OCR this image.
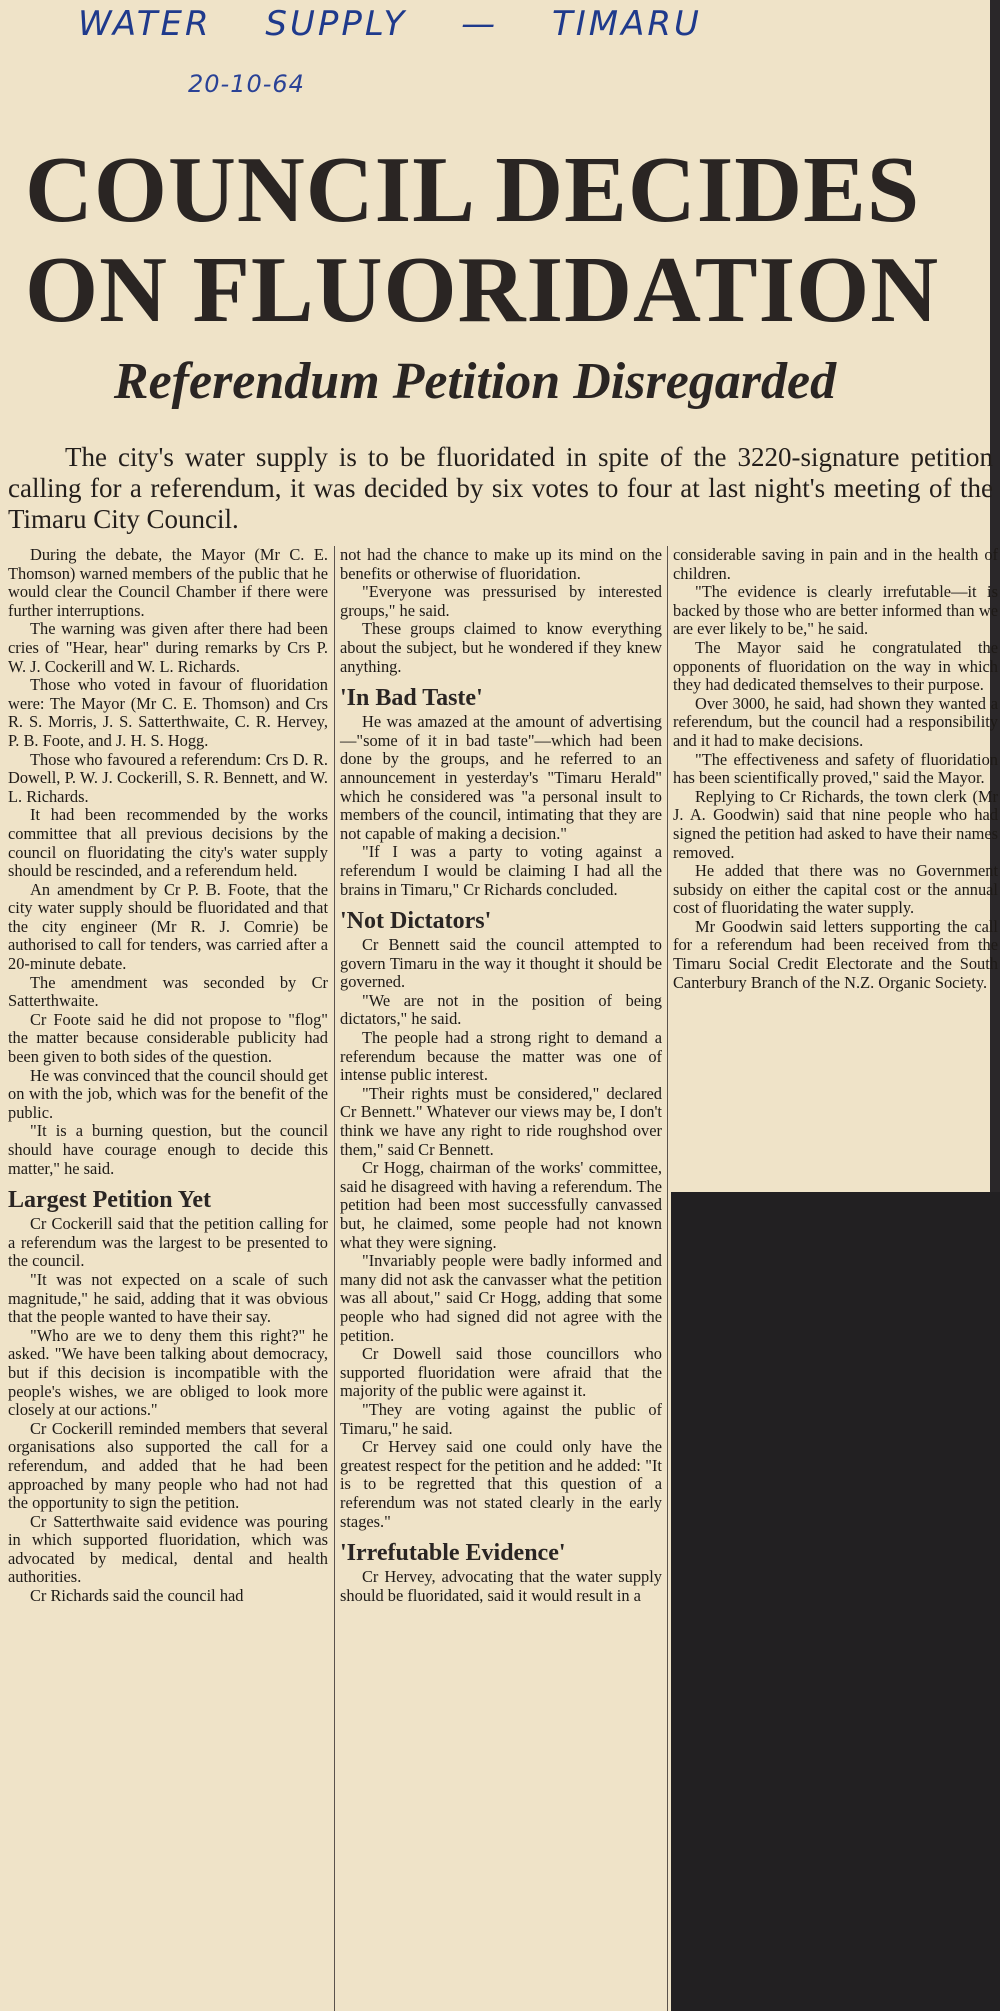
WATER SUPPLY — TIMARU
20-10-64
COUNCIL DECIDES ON FLUORIDATION
Referendum Petition Disregarded
The city's water supply is to be fluoridated in spite of the 3220-signature petition calling for a referendum, it was decided by six votes to four at last night's meeting of the Timaru City Council.

During the debate, the Mayor (Mr C. E. Thomson) warned members of the public that he would clear the Council Chamber if there were further interruptions.

The warning was given after there had been cries of "Hear, hear" during remarks by Crs P. W. J. Cockerill and W. L. Richards.

Those who voted in favour of fluoridation were: The Mayor (Mr C. E. Thomson) and Crs R. S. Morris, J. S. Satterthwaite, C. R. Hervey, P. B. Foote, and J. H. S. Hogg.

Those who favoured a referendum: Crs D. R. Dowell, P. W. J. Cockerill, S. R. Bennett, and W. L. Richards.

It had been recommended by the works committee that all previous decisions by the council on fluoridating the city's water supply should be rescinded, and a referendum held.

An amendment by Cr P. B. Foote, that the city water supply should be fluoridated and that the city engineer (Mr R. J. Comrie) be authorised to call for tenders, was carried after a 20-minute debate.

The amendment was seconded by Cr Satterthwaite.

Cr Foote said he did not propose to "flog" the matter because considerable publicity had been given to both sides of the question.

He was convinced that the council should get on with the job, which was for the benefit of the public.

"It is a burning question, but the council should have courage enough to decide this matter," he said.

Largest Petition Yet

Cr Cockerill said that the petition calling for a referendum was the largest to be presented to the council.

"It was not expected on a scale of such magnitude," he said, adding that it was obvious that the people wanted to have their say.

"Who are we to deny them this right?" he asked. "We have been talking about democracy, but if this decision is incompatible with the people's wishes, we are obliged to look more closely at our actions."

Cr Cockerill reminded members that several organisations also supported the call for a referendum, and added that he had been approached by many people who had not had the opportunity to sign the petition.

Cr Satterthwaite said evidence was pouring in which supported fluoridation, which was advocated by medical, dental and health authorities.

Cr Richards said the council had

not had the chance to make up its mind on the benefits or otherwise of fluoridation.

"Everyone was pressurised by interested groups," he said.

These groups claimed to know everything about the subject, but he wondered if they knew anything.

'In Bad Taste'

He was amazed at the amount of advertising—"some of it in bad taste"—which had been done by the groups, and he referred to an announcement in yesterday's "Timaru Herald" which he considered was "a personal insult to members of the council, intimating that they are not capable of making a decision."

"If I was a party to voting against a referendum I would be claiming I had all the brains in Timaru," Cr Richards concluded.

'Not Dictators'

Cr Bennett said the council attempted to govern Timaru in the way it thought it should be governed.

"We are not in the position of being dictators," he said.

The people had a strong right to demand a referendum because the matter was one of intense public interest.

"Their rights must be considered," declared Cr Bennett." Whatever our views may be, I don't think we have any right to ride roughshod over them," said Cr Bennett.

Cr Hogg, chairman of the works' committee, said he disagreed with having a referendum. The petition had been most successfully canvassed but, he claimed, some people had not known what they were signing.

"Invariably people were badly informed and many did not ask the canvasser what the petition was all about," said Cr Hogg, adding that some people who had signed did not agree with the petition.

Cr Dowell said those councillors who supported fluoridation were afraid that the majority of the public were against it.

"They are voting against the public of Timaru," he said.

Cr Hervey said one could only have the greatest respect for the petition and he added: "It is to be regretted that this question of a referendum was not stated clearly in the early stages."

'Irrefutable Evidence'

Cr Hervey, advocating that the water supply should be fluoridated, said it would result in a

considerable saving in pain and in the health of children.

"The evidence is clearly irrefutable—it is backed by those who are better informed than we are ever likely to be," he said.

The Mayor said he congratulated the opponents of fluoridation on the way in which they had dedicated themselves to their purpose.

Over 3000, he said, had shown they wanted a referendum, but the council had a responsibility and it had to make decisions.

"The effectiveness and safety of fluoridation has been scientifically proved," said the Mayor.

Replying to Cr Richards, the town clerk (Mr J. A. Goodwin) said that nine people who had signed the petition had asked to have their names removed.

He added that there was no Government subsidy on either the capital cost or the annual cost of fluoridating the water supply.

Mr Goodwin said letters supporting the call for a referendum had been received from the Timaru Social Credit Electorate and the South Canterbury Branch of the N.Z. Organic Society.
